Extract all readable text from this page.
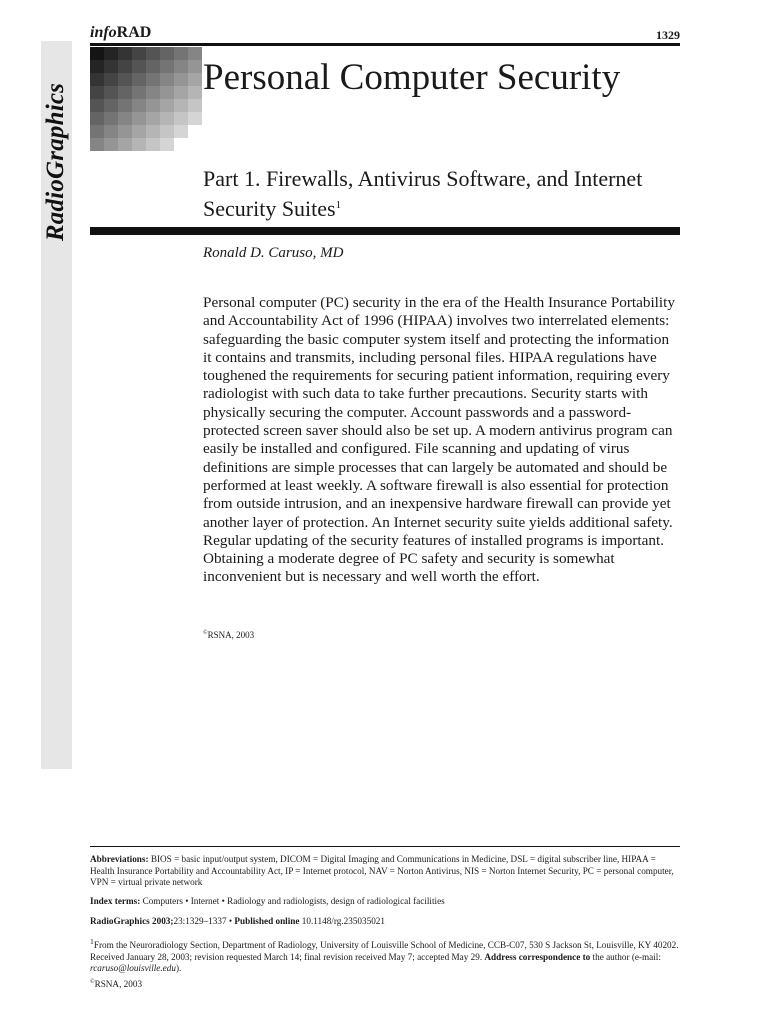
infoRAD	1329
RadioGraphics
Personal Computer Security
Part 1. Firewalls, Antivirus Software, and Internet Security Suites$^1$
Ronald D. Caruso, MD

Personal computer (PC) security in the era of the Health Insurance Portability and Accountability Act of 1996 (HIPAA) involves two interrelated elements: safeguarding the basic computer system itself and protecting the information it contains and transmits, including personal files. HIPAA regulations have toughened the requirements for securing patient information, requiring every radiologist with such data to take further precautions. Security starts with physically securing the computer. Account passwords and a password-protected screen saver should also be set up. A modern antivirus program can easily be installed and configured. File scanning and updating of virus definitions are simple processes that can largely be automated and should be performed at least weekly. A software firewall is also essential for protection from outside intrusion, and an inexpensive hardware firewall can provide yet another layer of protection. An Internet security suite yields additional safety. Regular updating of the security features of installed programs is important. Obtaining a moderate degree of PC safety and security is somewhat inconvenient but is necessary and well worth the effort.

©RSNA, 2003

Abbreviations: BIOS = basic input/output system, DICOM = Digital Imaging and Communications in Medicine, DSL = digital subscriber line, HIPAA = Health Insurance Portability and Accountability Act, IP = Internet protocol, NAV = Norton Antivirus, NIS = Norton Internet Security, PC = personal computer, VPN = virtual private network

Index terms: Computers • Internet • Radiology and radiologists, design of radiological facilities

RadioGraphics 2003;23:1329–1337 • Published online 10.1148/rg.235035021

$^1$From the Neuroradiology Section, Department of Radiology, University of Louisville School of Medicine, CCB-C07, 530 S Jackson St, Louisville, KY 40202. Received January 28, 2003; revision requested March 14; final revision received May 7; accepted May 29. Address correspondence to the author (e-mail: rcaruso@louisville.edu).

©RSNA, 2003
